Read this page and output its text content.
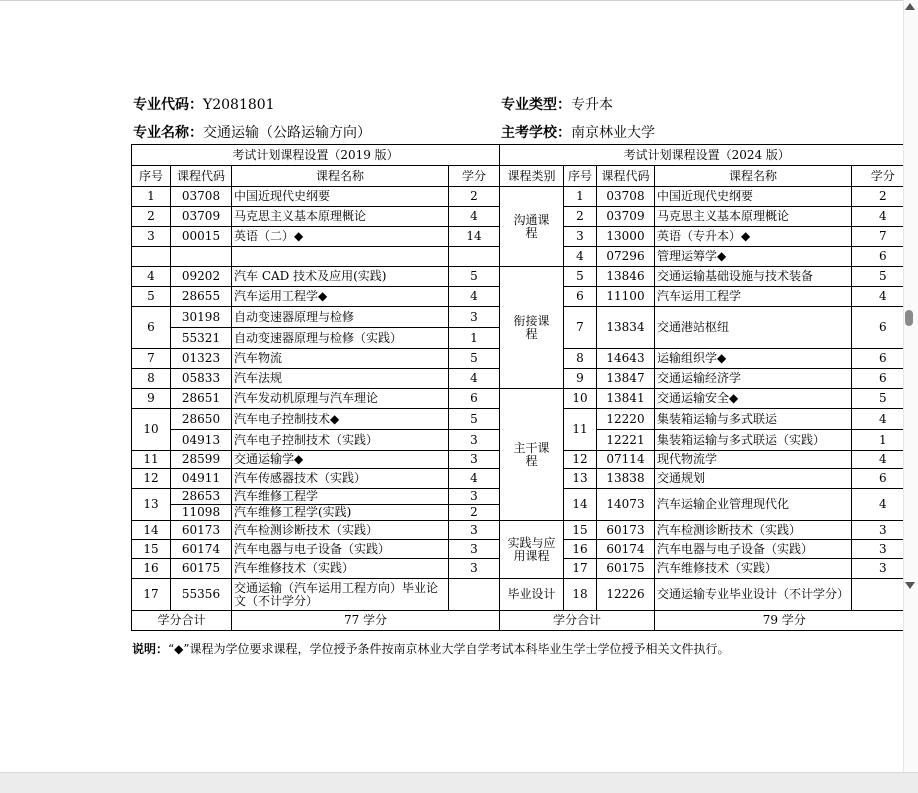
专业代码：Y2081801	专业类型：专升本
专业名称：交通运输（公路运输方向）	主考学校：南京林业大学
考试计划课程设置（2019 版）				考试计划课程设置（2024 版）				
序号	课程代码	课程名称	学分	课程类别	序号	课程代码	课程名称	学分
1	03708	中国近现代史纲要	2	沟通课程	1	03708	中国近现代史纲要	2
2	03709	马克思主义基本原理概论	4		2	03709	马克思主义基本原理概论	4
3	00015	英语（二）◆	14		3	13000	英语（专升本）◆	7
					4	07296	管理运筹学◆	6
4	09202	汽车 CAD 技术及应用(实践)	5	衔接课程	5	13846	交通运输基础设施与技术装备	5
5	28655	汽车运用工程学◆	4		6	11100	汽车运用工程学	4
6	30198	自动变速器原理与检修	3		7	13834	交通港站枢纽	6
	55321	自动变速器原理与检修（实践）	1					
7	01323	汽车物流	5		8	14643	运输组织学◆	6
8	05833	汽车法规	4		9	13847	交通运输经济学	6
9	28651	汽车发动机原理与汽车理论	6	主干课程	10	13841	交通运输安全◆	5
10	28650	汽车电子控制技术◆	5		11	12220	集装箱运输与多式联运	4
	04913	汽车电子控制技术（实践）	3			12221	集装箱运输与多式联运（实践）	1
11	28599	交通运输学◆	3		12	07114	现代物流学	4
12	04911	汽车传感器技术（实践）	4		13	13838	交通规划	6
13	28653	汽车维修工程学	3		14	14073	汽车运输企业管理现代化	4
	11098	汽车维修工程学(实践)	2					
14	60173	汽车检测诊断技术（实践）	3	实践与应用课程	15	60173	汽车检测诊断技术（实践）	3
15	60174	汽车电器与电子设备（实践）	3		16	60174	汽车电器与电子设备（实践）	3
16	60175	汽车维修技术（实践）	3		17	60175	汽车维修技术（实践）	3
17	55356	交通运输（汽车运用工程方向）毕业论文（不计学分）		毕业设计	18	12226	交通运输专业毕业设计（不计学分）	
学分合计		77 学分		学分合计			79 学分	
说明：“◆”课程为学位要求课程，学位授予条件按南京林业大学自学考试本科毕业生学士学位授予相关文件执行。
